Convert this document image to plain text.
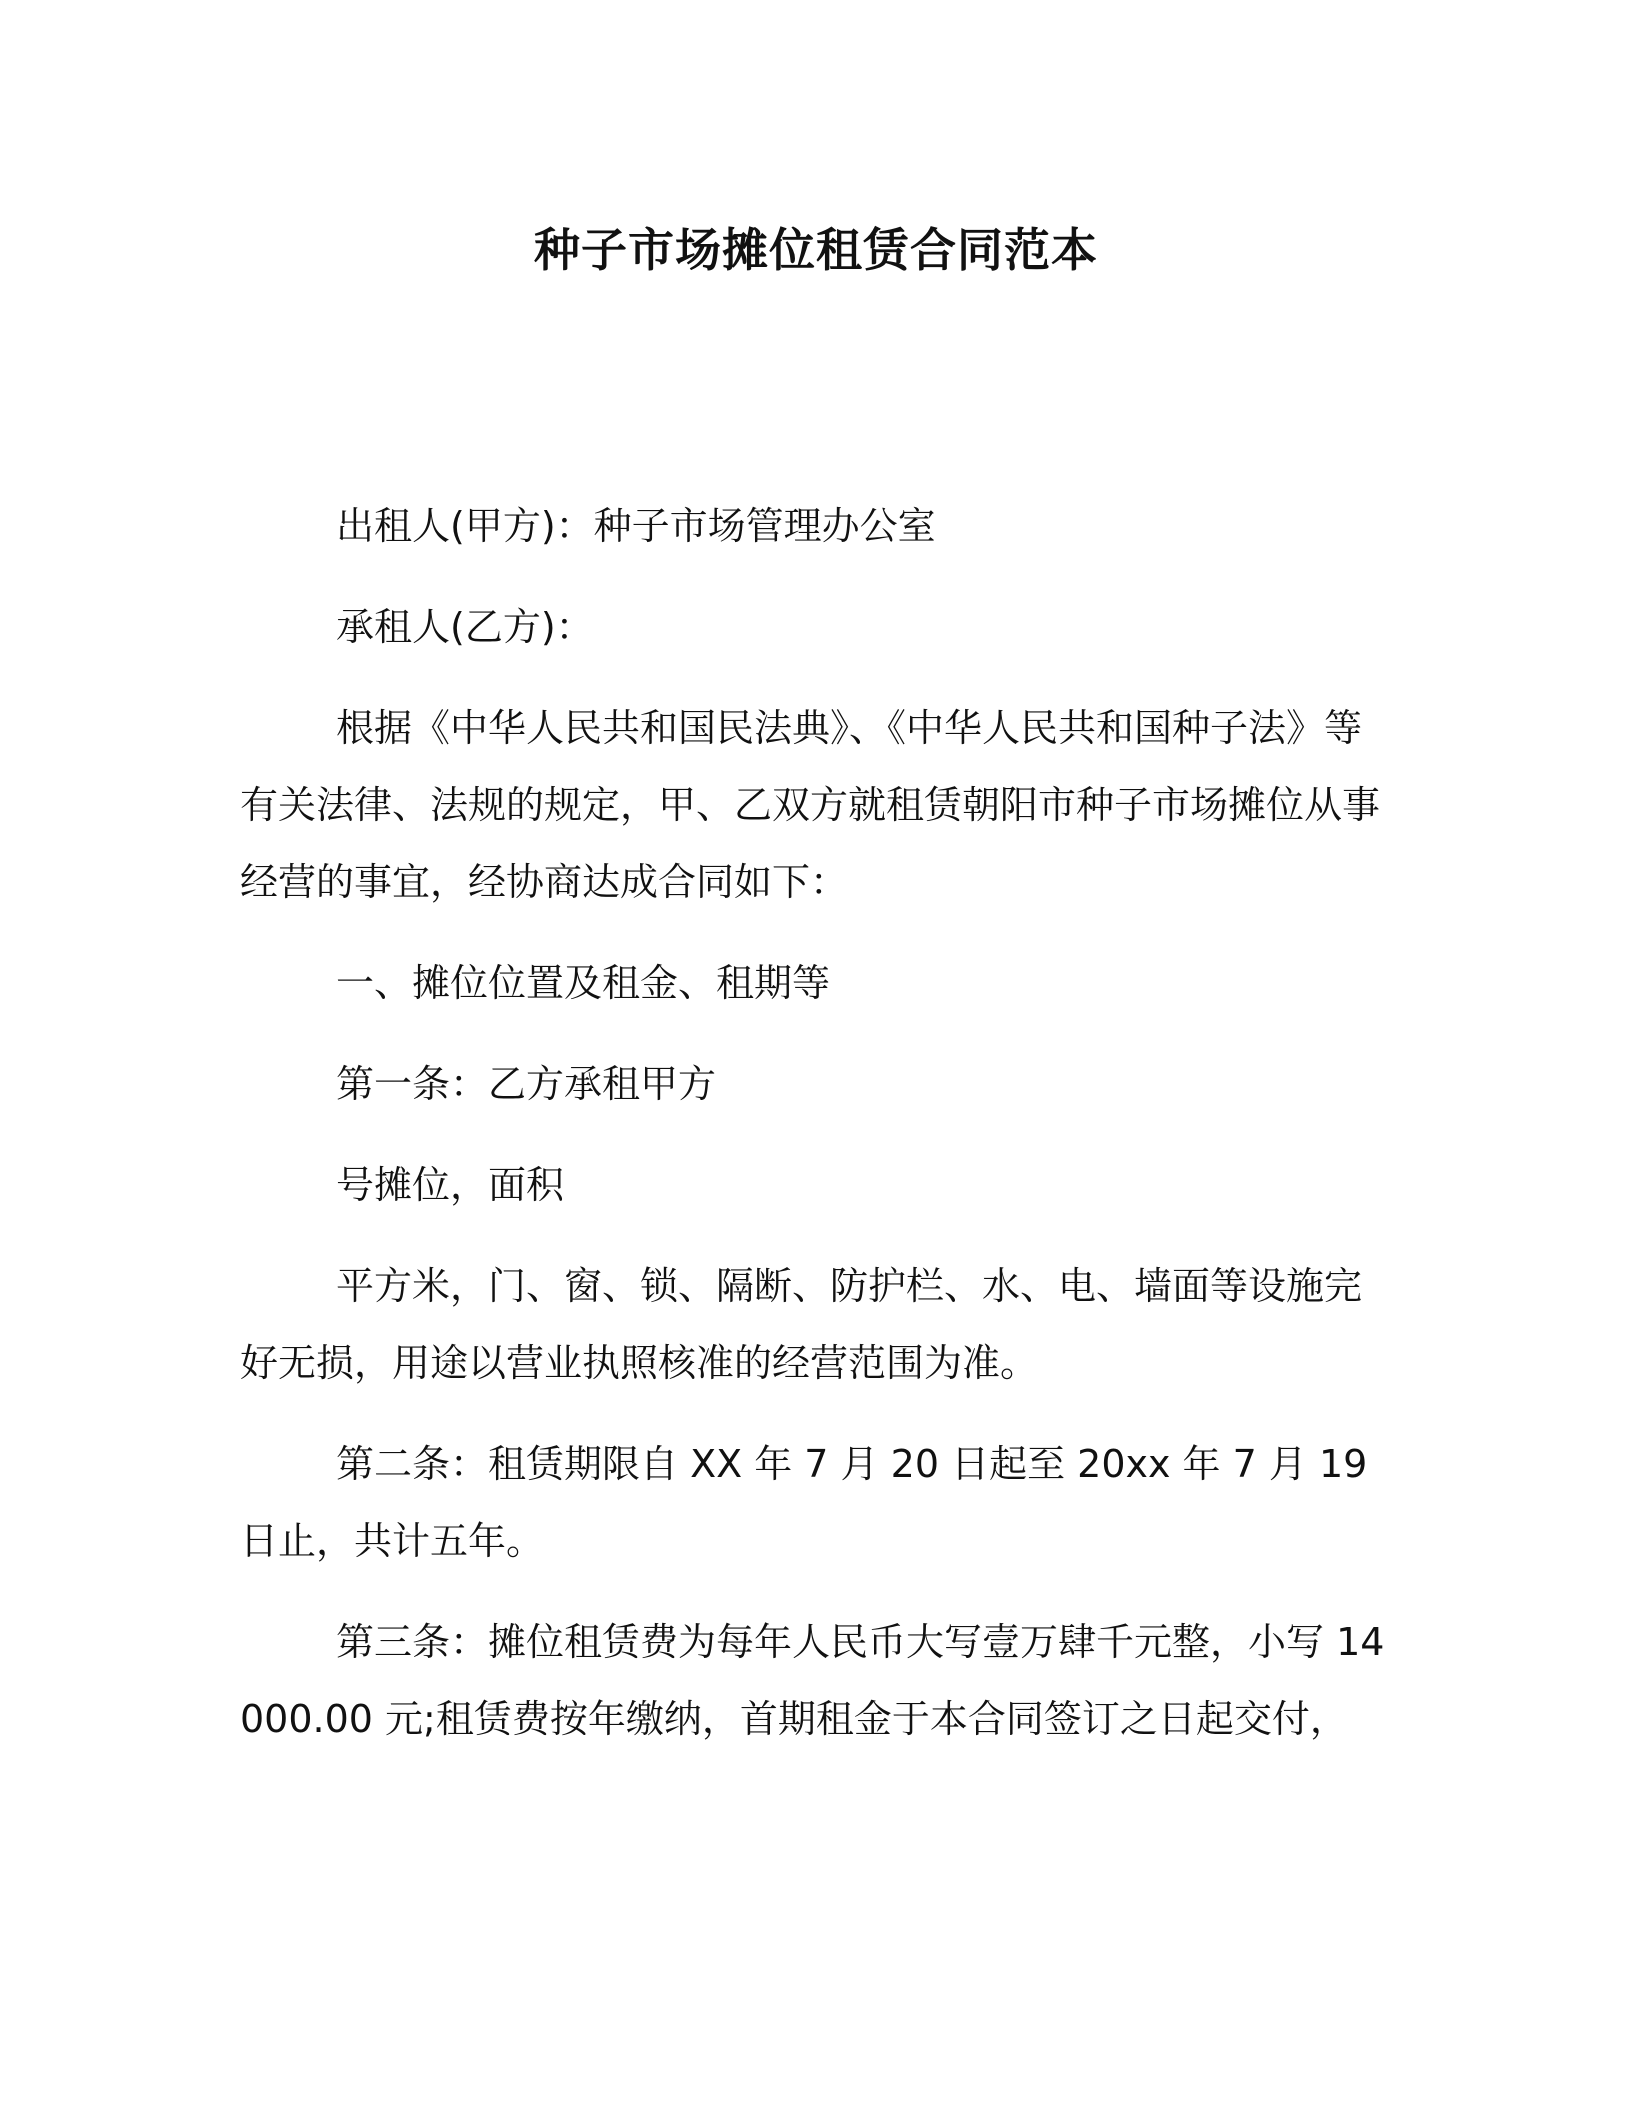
种子市场摊位租赁合同范本

出租人(甲方)：种子市场管理办公室

承租人(乙方)：

根据《中华人民共和国民法典》、《中华人民共和国种子法》等有关法律、法规的规定，甲、乙双方就租赁朝阳市种子市场摊位从事经营的事宜，经协商达成合同如下：

一、摊位位置及租金、租期等

第一条：乙方承租甲方

号摊位，面积

平方米，门、窗、锁、隔断、防护栏、水、电、墙面等设施完好无损，用途以营业执照核准的经营范围为准。

第二条：租赁期限自 XX 年 7 月 20 日起至 20xx 年 7 月 19 日止，共计五年。

第三条：摊位租赁费为每年人民币大写壹万肆千元整，小写 14000.00 元;租赁费按年缴纳，首期租金于本合同签订之日起交付，
